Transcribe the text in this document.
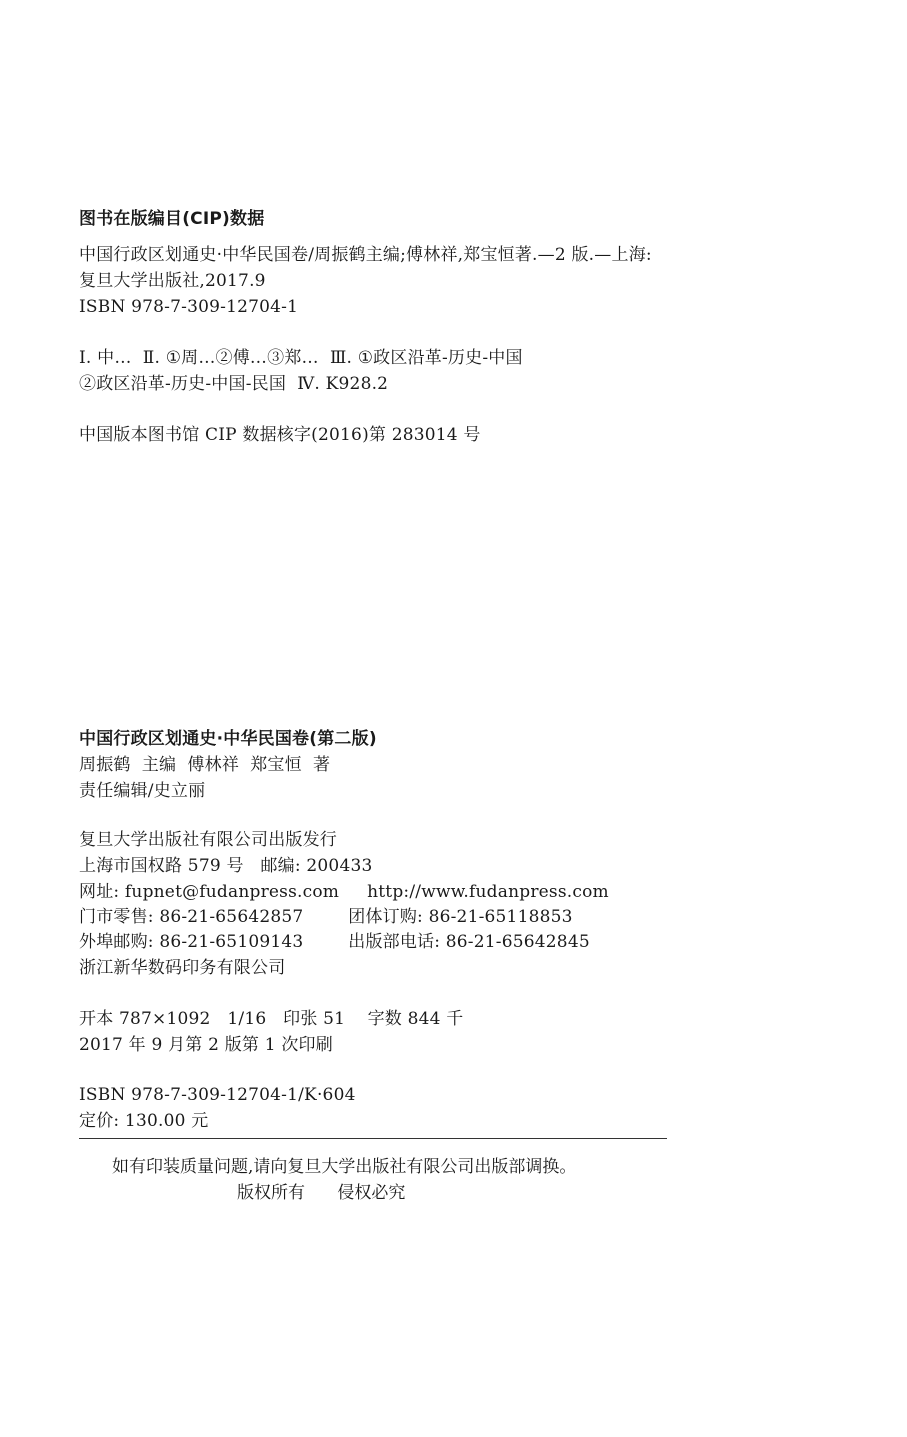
图书在版编目(CIP)数据
中国行政区划通史·中华民国卷/周振鹤主编;傅林祥,郑宝恒著.—2 版.—上海:
复旦大学出版社,2017.9
ISBN 978-7-309-12704-1
Ⅰ. 中…  Ⅱ. ①周…②傅…③郑…  Ⅲ. ①政区沿革-历史-中国
②政区沿革-历史-中国-民国  Ⅳ. K928.2
中国版本图书馆 CIP 数据核字(2016)第 283014 号
中国行政区划通史·中华民国卷(第二版)
周振鹤  主编  傅林祥  郑宝恒  著
责任编辑/史立丽
复旦大学出版社有限公司出版发行
上海市国权路 579 号   邮编: 200433
网址: fupnet@fudanpress.com     http://www.fudanpress.com
门市零售: 86-21-65642857        团体订购: 86-21-65118853
外埠邮购: 86-21-65109143        出版部电话: 86-21-65642845
浙江新华数码印务有限公司
开本 787×1092   1/16   印张 51    字数 844 千
2017 年 9 月第 2 版第 1 次印刷
ISBN 978-7-309-12704-1/K·604
定价: 130.00 元
如有印装质量问题,请向复旦大学出版社有限公司出版部调换。
版权所有      侵权必究
